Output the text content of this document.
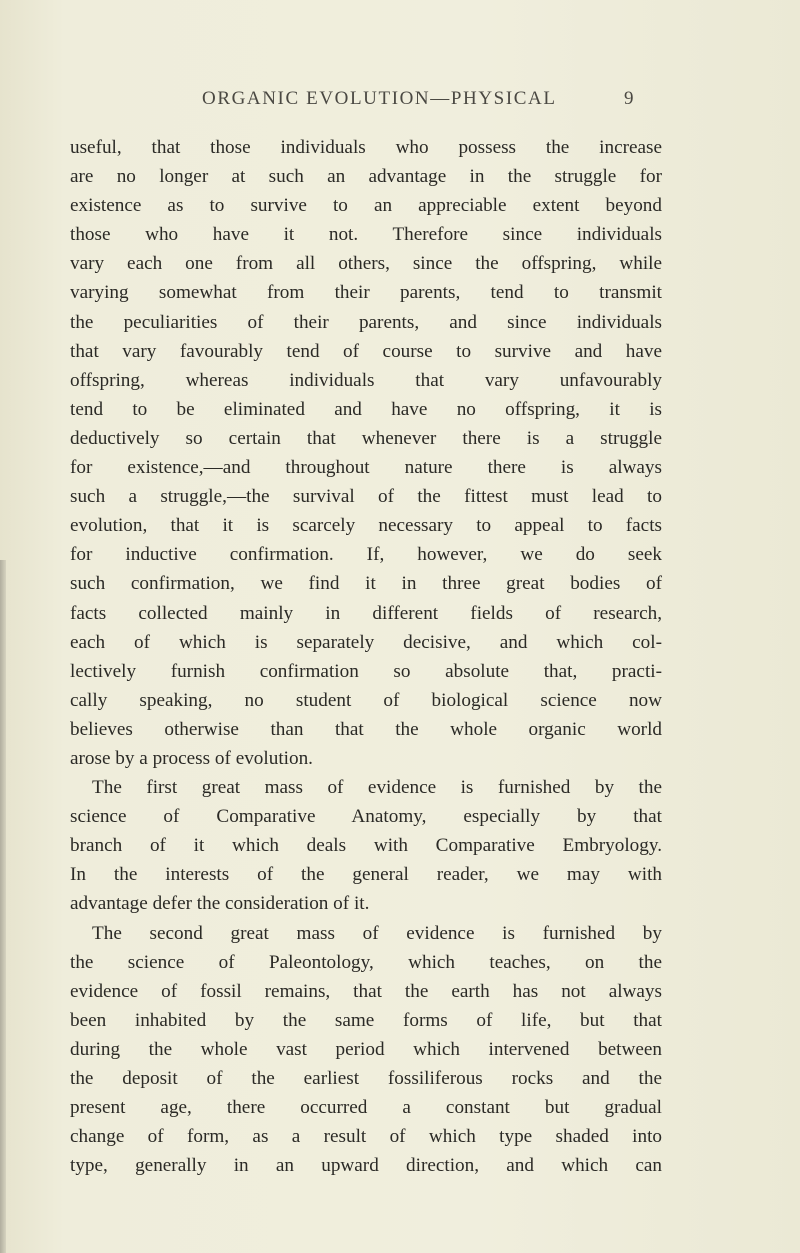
ORGANIC EVOLUTION—PHYSICAL	9
useful, that those individuals who possess the increase
are no longer at such an advantage in the struggle for
existence as to survive to an appreciable extent beyond
those who have it not. Therefore since individuals
vary each one from all others, since the offspring, while
varying somewhat from their parents, tend to transmit
the peculiarities of their parents, and since individuals
that vary favourably tend of course to survive and have
offspring, whereas individuals that vary unfavourably
tend to be eliminated and have no offspring, it is
deductively so certain that whenever there is a struggle
for existence,—and throughout nature there is always
such a struggle,—the survival of the fittest must lead to
evolution, that it is scarcely necessary to appeal to facts
for inductive confirmation. If, however, we do seek
such confirmation, we find it in three great bodies of
facts collected mainly in different fields of research,
each of which is separately decisive, and which col-
lectively furnish confirmation so absolute that, practi-
cally speaking, no student of biological science now
believes otherwise than that the whole organic world
arose by a process of evolution.
The first great mass of evidence is furnished by the
science of Comparative Anatomy, especially by that
branch of it which deals with Comparative Embryology.
In the interests of the general reader, we may with
advantage defer the consideration of it.
The second great mass of evidence is furnished by
the science of Paleontology, which teaches, on the
evidence of fossil remains, that the earth has not always
been inhabited by the same forms of life, but that
during the whole vast period which intervened between
the deposit of the earliest fossiliferous rocks and the
present age, there occurred a constant but gradual
change of form, as a result of which type shaded into
type, generally in an upward direction, and which can
